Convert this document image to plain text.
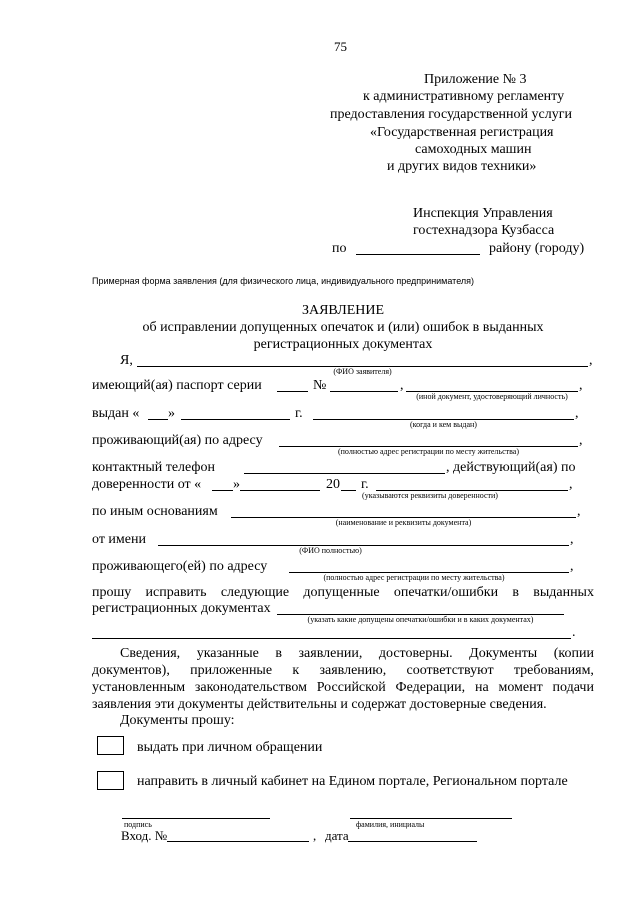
75
Приложение № 3
к административному регламенту
предоставления государственной услуги
«Государственная регистрация
самоходных машин
и других видов техники»
Инспекция Управления
гостехнадзора Кузбасса
по	району (городу)
Примерная форма заявления (для физического лица, индивидуального предпринимателя)
ЗАЯВЛЕНИЕ
об исправлении допущенных опечаток и (или) ошибок в выданных
регистрационных документах
Я,	,
(ФИО заявителя)
имеющий(ая) паспорт серии	№	,	,
(иной документ, удостоверяющий личность)
выдан « »	г.	,
(когда и кем выдан)
проживающий(ая) по адресу	,
(полностью адрес регистрации по месту жительства)
контактный телефон	, действующий(ая) по
доверенности от « »	20 г.	,
(указываются реквизиты доверенности)
по иным основаниям	,
(наименование и реквизиты документа)
от имени	,
(ФИО полностью)
проживающего(ей) по адресу	,
(полностью адрес регистрации по месту жительства)
прошу исправить следующие допущенные опечатки/ошибки в выданных
регистрационных документах
(указать какие допущены опечатки/ошибки и в каких документах)
.
Сведения, указанные в заявлении, достоверны. Документы (копии
документов), приложенные к заявлению, соответствуют требованиям,
установленным законодательством Российской Федерации, на момент подачи
заявления эти документы действительны и содержат достоверные сведения.
Документы прошу:
выдать при личном обращении
направить в личный кабинет на Едином портале, Региональном портале
подпись	фамилия, инициалы
Вход. №	, дата
